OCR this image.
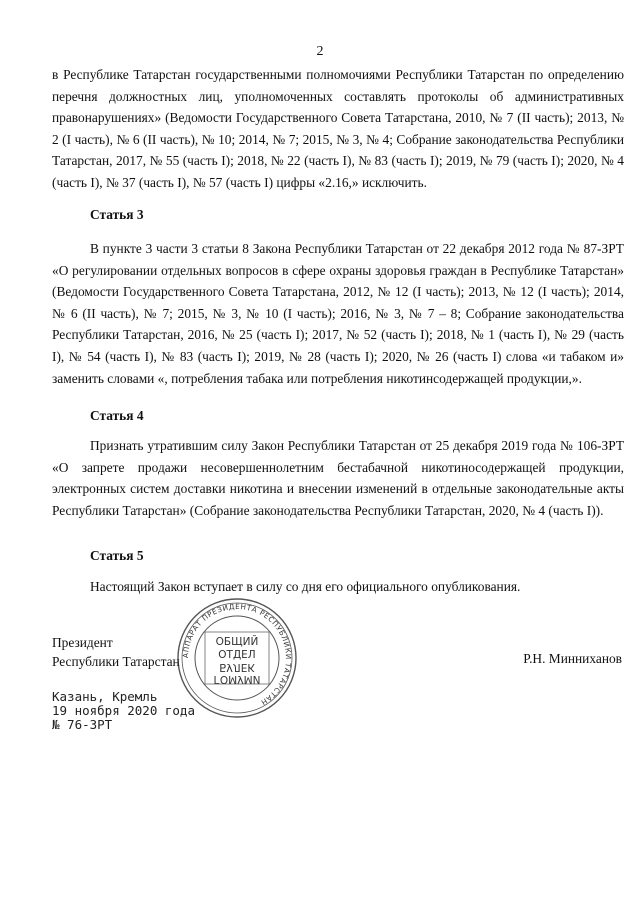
2
в Республике Татарстан государственными полномочиями Республики Татарстан по определению перечня должностных лиц, уполномоченных составлять протоколы об административных правонарушениях» (Ведомости Государственного Совета Татарстана, 2010, № 7 (II часть); 2013, № 2 (I часть), № 6 (II часть), № 10; 2014, № 7; 2015, № 3, № 4; Собрание законодательства Республики Татарстан, 2017, № 55 (часть I); 2018, № 22 (часть I), № 83 (часть I); 2019, № 79 (часть I); 2020, № 4 (часть I), № 37 (часть I), № 57 (часть I) цифры «2.16,» исключить.
Статья 3
В пункте 3 части 3 статьи 8 Закона Республики Татарстан от 22 декабря 2012 года № 87-ЗРТ «О регулировании отдельных вопросов в сфере охраны здоровья граждан в Республике Татарстан» (Ведомости Государственного Совета Татарстана, 2012, № 12 (I часть); 2013, № 12 (I часть); 2014, № 6 (II часть), № 7; 2015, № 3, № 10 (I часть); 2016, № 3, № 7 – 8; Собрание законодательства Республики Татарстан, 2016, № 25 (часть I); 2017, № 52 (часть I); 2018, № 1 (часть I), № 29 (часть I), № 54 (часть I), № 83 (часть I); 2019, № 28 (часть I); 2020, № 26 (часть I) слова «и табаком и» заменить словами «, потребления табака или потребления никотинсодержащей продукции,».
Статья 4
Признать утратившим силу Закон Республики Татарстан от 25 декабря 2019 года № 106-ЗРТ «О запрете продажи несовершеннолетним бестабачной никотиносодержащей продукции, электронных систем доставки никотина и внесении изменений в отдельные законодательные акты Республики Татарстан» (Собрание законодательства Республики Татарстан, 2020, № 4 (часть I)).
Статья 5
Настоящий Закон вступает в силу со дня его официального опубликования.
АППАРАТ ПРЕЗИДЕНТА РЕСПУБЛИКИ ТАТАРСТАН
ОБЩИЙ
ОТДЕЛ
БУЛЕК
ГОМУМИ
Президент
Республики Татарстан	Р.Н. Минниханов
Казань, Кремль
19 ноября 2020 года
№ 76-ЗРТ
